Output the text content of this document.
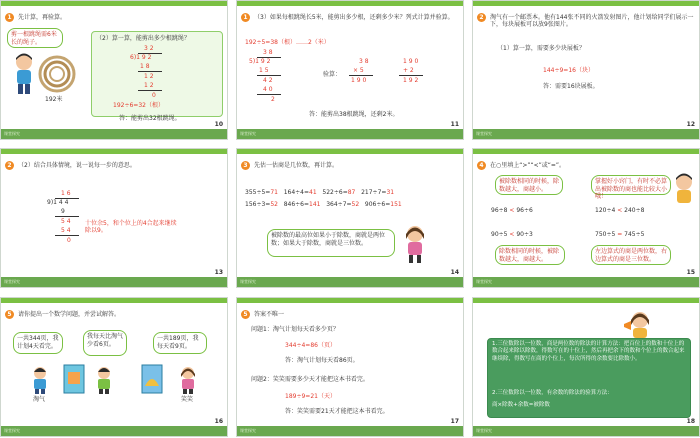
1	先计算，再验算。
剪一根跳绳需6米长的绳子。
192米
（2）算一算，能剪出多少根跳绳？
3 2
6)1 9 2
1 8
1 2
1 2
0
192÷6=32（根）
答：能剪出32根跳绳。
10
课堂探究
1	（3）如果每根跳绳长5米，能剪出多少根，还剩多少米？列式计算并验算。
192÷5=38（根）……2（米）
3 8
5)1 9 2
1 5
4 2
4 0
2
验算：
3 8
× 5
1 9 0
1 9 0
+ 2
1 9 2
答：能剪出38根跳绳，还剩2米。
11
课堂探究
2	淘气有一个邮票本。他有144张不同的火箭发射图片，他计划给同学们展示一下，每块展板可以放9张图片。
（1）算一算，需要多少块展板？
144÷9=16（块）
答：需要16块展板。
12
课堂探究
2	（2）结合具体情境，说一说每一步的意思。
1 6
9)1 4 4
9
5 4
5 4
0
十位余5，和个位上的4合起来继续除以9。
13
课堂探究
3	先估一估商是几位数，再计算。
355÷5=71 164÷4=41 522÷6=87 217÷7=31
156÷3=52 846÷6=141 364÷7=52 906÷6=151
被除数的最高位如果小于除数，商就是两位数；如果大于除数，商就是三位数。
14
课堂探究
4	在○里填上“>”“<”或“=”。
被除数相同的时候，除数越大，商越小。
掌握好小窍门，有时不必算出被除数的商也能比较大小哦！
96÷8 < 96÷6	120÷4 < 240÷8
90÷5 < 90÷3	750÷5 = 745÷5
除数相同的时候，被除数越大，商越大。
左边算式的商是两位数，右边算式的商是三位数。
15
课堂探究
5	请你提出一个数学问题，并尝试解答。
一共344页，我计划4天看完。
我每天比淘气少看6页。
一共189页，我每天看9页。
淘气	笑笑
16
课堂探究
5	答案不唯一
问题1：淘气计划每天看多少页？
344÷4=86（页）
答：淘气计划每天看86页。
问题2：笑笑需要多少天才能把这本书看完。
189÷9=21（天）
答：笑笑需要21天才能把这本书看完。
17
课堂探究
1.三位数除以一位数，商是两位数的除法的计算方法：把百位上的数和十位上的数合起来除以除数，得数写在的十位上，然后再把余下的数和个位上的数合起来继续除，得数写在商的个位上，每次所得的余数要比除数小。
2.三位数除以一位数，有余数的除法的验算方法：
商×除数+余数=被除数
18
课堂探究
